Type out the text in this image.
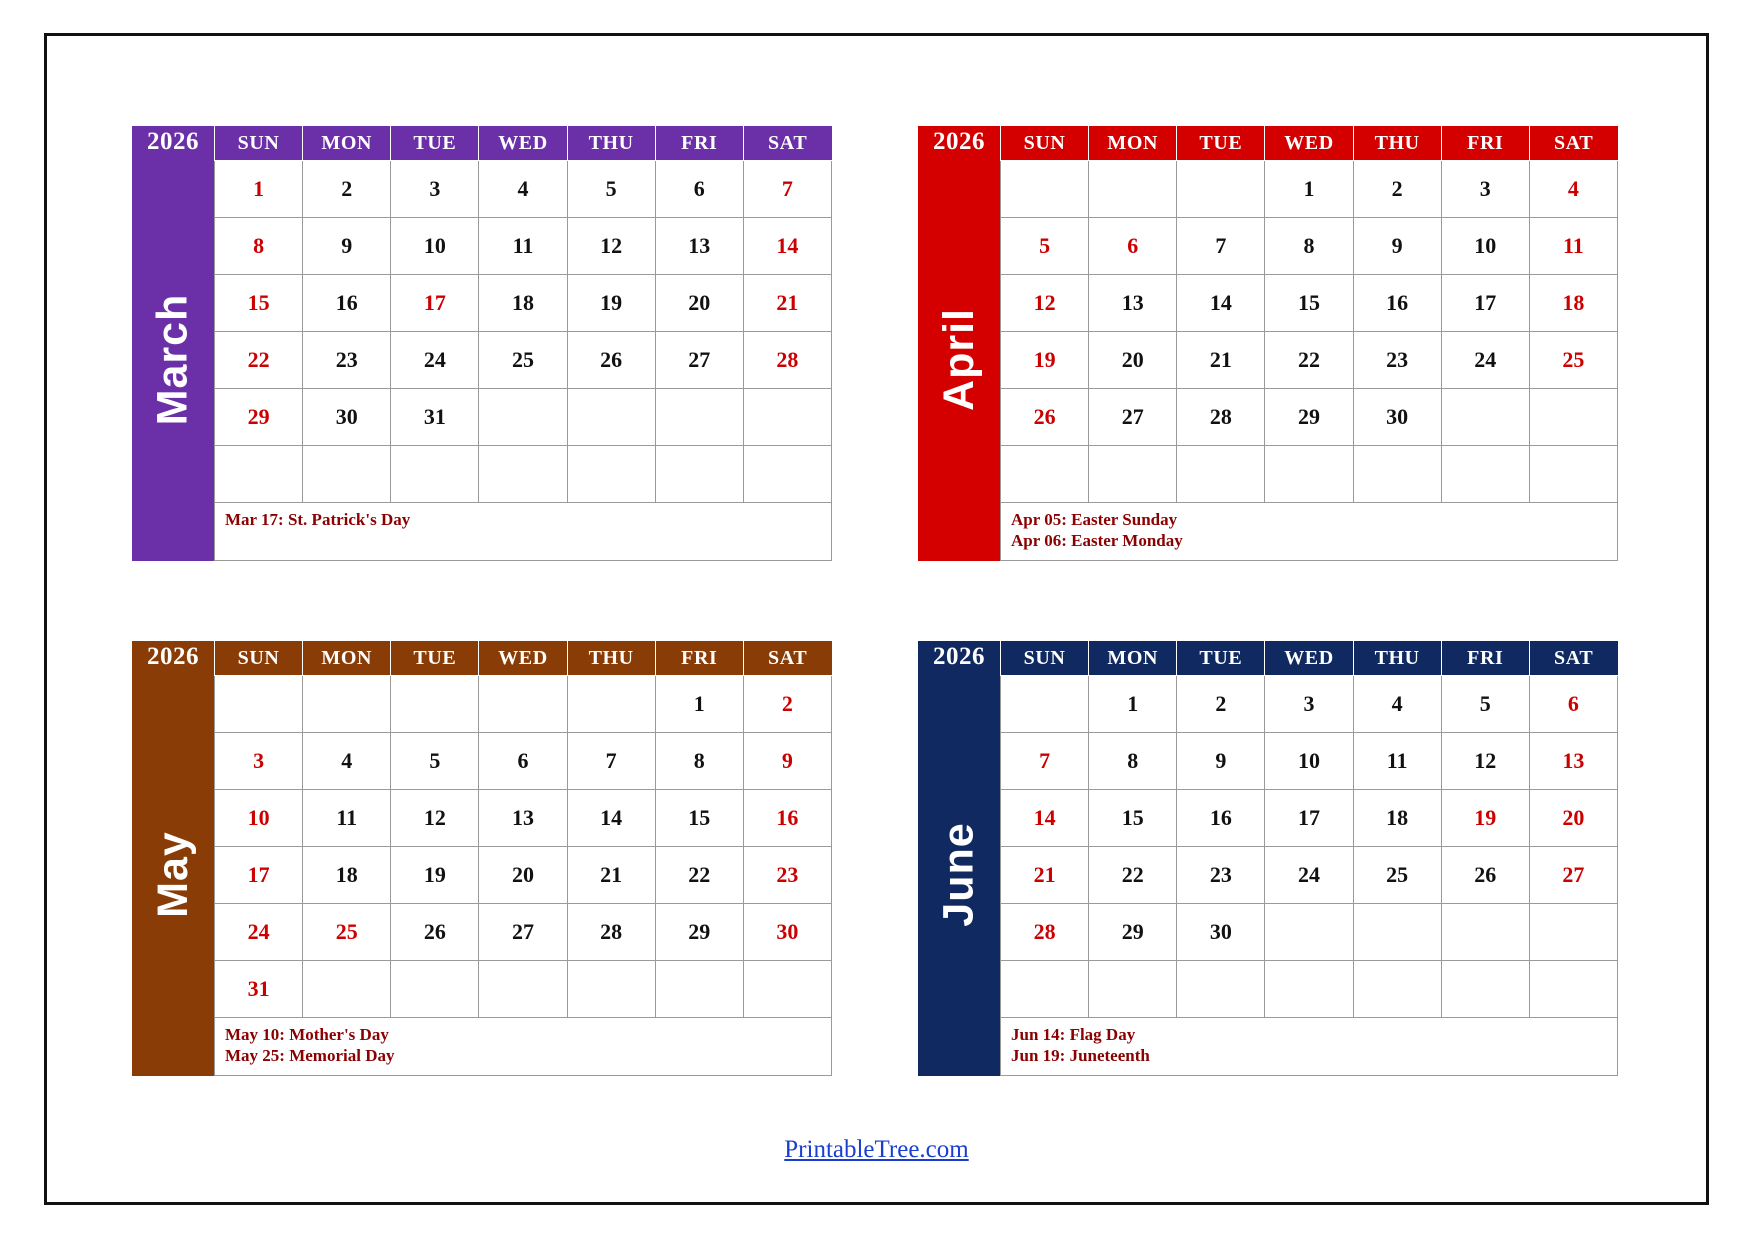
2026
March
SUN	MON	TUE	WED	THU	FRI	SAT
1	2	3	4	5	6	7
8	9	10	11	12	13	14
15	16	17	18	19	20	21
22	23	24	25	26	27	28
29	30	31				

Mar 17: St. Patrick's Day
2026
April
SUN	MON	TUE	WED	THU	FRI	SAT
			1	2	3	4
5	6	7	8	9	10	11
12	13	14	15	16	17	18
19	20	21	22	23	24	25
26	27	28	29	30		

Apr 05: Easter Sunday
Apr 06: Easter Monday
2026
May
SUN	MON	TUE	WED	THU	FRI	SAT
					1	2
3	4	5	6	7	8	9
10	11	12	13	14	15	16
17	18	19	20	21	22	23
24	25	26	27	28	29	30
31						
May 10: Mother's Day
May 25: Memorial Day
2026
June
SUN	MON	TUE	WED	THU	FRI	SAT
	1	2	3	4	5	6
7	8	9	10	11	12	13
14	15	16	17	18	19	20
21	22	23	24	25	26	27
28	29	30				

Jun 14: Flag Day
Jun 19: Juneteenth
PrintableTree.com
